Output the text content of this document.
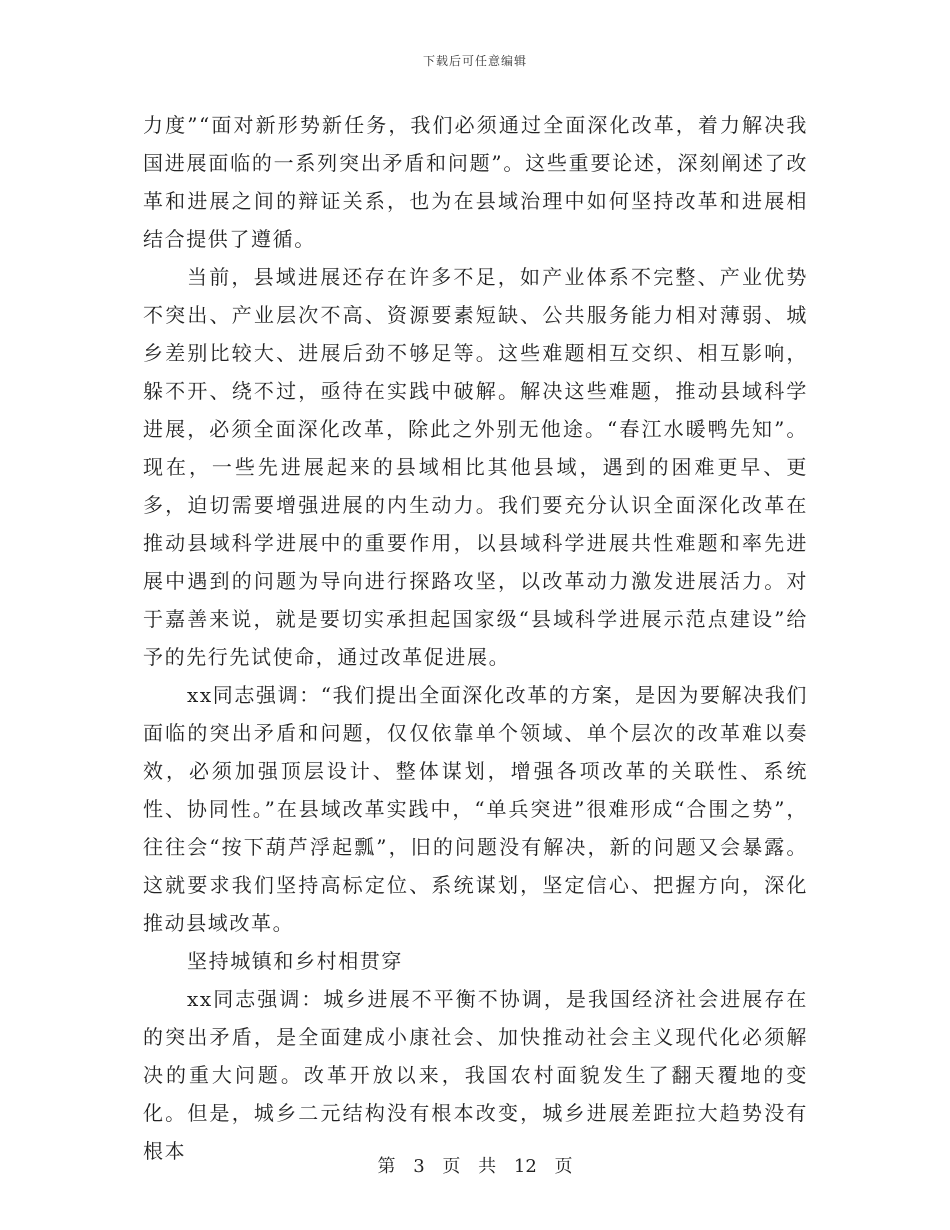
下载后可任意编辑

力度”“面对新形势新任务，我们必须通过全面深化改革，着力解决我国进展面临的一系列突出矛盾和问题”。这些重要论述，深刻阐述了改革和进展之间的辩证关系，也为在县域治理中如何坚持改革和进展相结合提供了遵循。

当前，县域进展还存在许多不足，如产业体系不完整、产业优势不突出、产业层次不高、资源要素短缺、公共服务能力相对薄弱、城乡差别比较大、进展后劲不够足等。这些难题相互交织、相互影响，躲不开、绕不过，亟待在实践中破解。解决这些难题，推动县域科学进展，必须全面深化改革，除此之外别无他途。“春江水暖鸭先知”。现在，一些先进展起来的县域相比其他县域，遇到的困难更早、更多，迫切需要增强进展的内生动力。我们要充分认识全面深化改革在推动县域科学进展中的重要作用，以县域科学进展共性难题和率先进展中遇到的问题为导向进行探路攻坚，以改革动力激发进展活力。对于嘉善来说，就是要切实承担起国家级“县域科学进展示范点建设”给予的先行先试使命，通过改革促进展。

xx同志强调：“我们提出全面深化改革的方案，是因为要解决我们面临的突出矛盾和问题，仅仅依靠单个领域、单个层次的改革难以奏效，必须加强顶层设计、整体谋划，增强各项改革的关联性、系统性、协同性。”在县域改革实践中，“单兵突进”很难形成“合围之势”，往往会“按下葫芦浮起瓢”，旧的问题没有解决，新的问题又会暴露。这就要求我们坚持高标定位、系统谋划，坚定信心、把握方向，深化推动县域改革。

坚持城镇和乡村相贯穿

xx同志强调：城乡进展不平衡不协调，是我国经济社会进展存在的突出矛盾，是全面建成小康社会、加快推动社会主义现代化必须解决的重大问题。改革开放以来，我国农村面貌发生了翻天覆地的变化。但是，城乡二元结构没有根本改变，城乡进展差距拉大趋势没有根本

第 3 页 共 12 页
